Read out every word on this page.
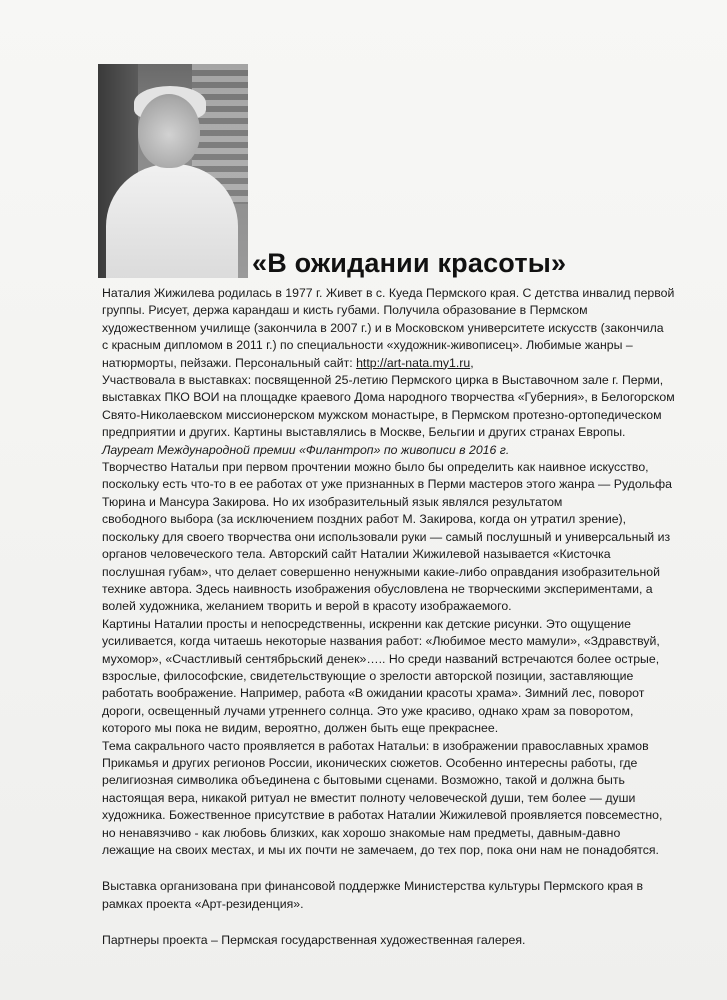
«В ожидании красоты»
Наталия Жижилева родилась в 1977 г. Живет в с. Куеда Пермского края. С детства инвалид первой
группы. Рисует, держа карандаш и кисть губами. Получила образование в Пермском
художественном училище (закончила в 2007 г.) и в Московском университете искусств (закончила
с красным дипломом в 2011 г.) по специальности «художник-живописец». Любимые жанры –
натюрморты, пейзажи. Персональный сайт: http://art-nata.my1.ru,
Участвовала в выставках: посвященной 25-летию Пермского цирка в Выставочном зале г. Перми,
выставках ПКО ВОИ на площадке краевого Дома народного творчества «Губерния», в Белогорском
Свято-Николаевском миссионерском мужском монастыре, в Пермском протезно-ортопедическом
предприятии и других. Картины выставлялись в Москве, Бельгии и других странах Европы.
Лауреат Международной премии «Филантроп» по живописи в 2016 г.
Творчество Натальи при первом прочтении можно было бы определить как наивное искусство,
поскольку есть что-то в ее работах от уже признанных в Перми мастеров этого жанра — Рудольфа
Тюрина и Мансура Закирова. Но их изобразительный язык являлся результатом
свободного выбора (за исключением поздних работ М. Закирова, когда он утратил зрение),
поскольку для своего творчества они использовали руки — самый послушный и универсальный из
органов человеческого тела. Авторский сайт Наталии Жижилевой называется «Кисточка
послушная губам», что делает совершенно ненужными какие-либо оправдания изобразительной
технике автора. Здесь наивность изображения обусловлена не творческими экспериментами, а
волей художника, желанием творить и верой в красоту изображаемого.
Картины Наталии просты и непосредственны, искренни как детские рисунки. Это ощущение
усиливается, когда читаешь некоторые названия работ: «Любимое место мамули», «Здравствуй,
мухомор», «Счастливый сентябрьский денек»….. Но среди названий встречаются более острые,
взрослые, философские, свидетельствующие о зрелости авторской позиции, заставляющие
работать воображение. Например, работа «В ожидании красоты храма». Зимний лес, поворот
дороги, освещенный лучами утреннего солнца. Это уже красиво, однако храм за поворотом,
которого мы пока не видим, вероятно, должен быть еще прекраснее.
Тема сакрального часто проявляется в работах Натальи: в изображении православных храмов
Прикамья и других регионов России, иконических сюжетов. Особенно интересны работы, где
религиозная символика объединена с бытовыми сценами. Возможно, такой и должна быть
настоящая вера, никакой ритуал не вместит полноту человеческой души, тем более — души
художника. Божественное присутствие в работах Наталии Жижилевой проявляется повсеместно,
но ненавязчиво - как любовь близких, как хорошо знакомые нам предметы, давным-давно
лежащие на своих местах, и мы их почти не замечаем, до тех пор, пока они нам не понадобятся.
Выставка организована при финансовой поддержке Министерства культуры Пермского края в
рамках проекта «Арт-резиденция».
Партнеры проекта – Пермская государственная художественная галерея.
